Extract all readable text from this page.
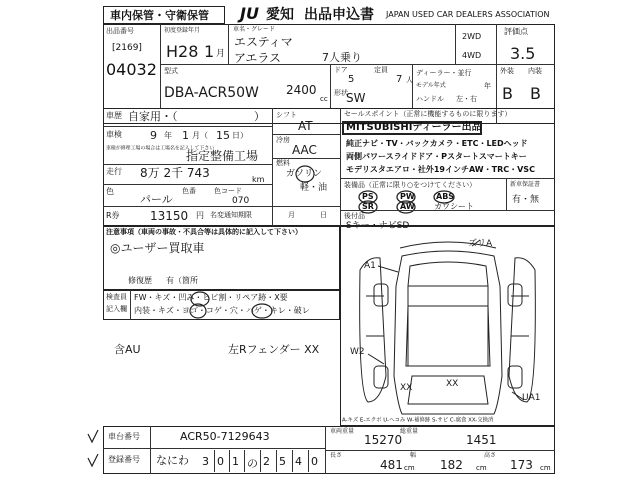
車内保管・守衛保管 JU 愛知 出品申込書 JAPAN USED CAR DEALERS ASSOCIATION
出品番号
[2169]
04032
初度登録年月
H28 1 月
車名・グレード
エスティマ
アエラス	7人乗り
2WD
4WD
評価点
3.5
外装 内装
B B
型式
DBA-ACR50W 2400
cc
ドア
5
定員
7 人
形状
SW
ディーラー・並行
モデル年式	年
ハンドル 左・右
車歴 自家用・（	）
車検	9 年 1 月（ 15 日）
車検が修理工場の場合は工場名を記入して下さい
指定整備工場
走行 8万 2千 743	km
色	色番	色コード
パール	070
R券	13150 円 名変通知期限	月	日
シフト
AT
冷房
AAC
燃料
ガソリン
軽・油
セールスポイント（正常に機能するものに限ります）
MITSUBISHIディーラー出品
純正ナビ・TV・バックカメラ・ETC・LEDヘッド
両側パワースライドドア・Pスタートスマートキー
モデリスタエアロ・社外19インチAW・TRC・VSC
装備品（正常に限り○をつけてください）
PS	PW	ABS
SR	AW カワシート
新車保証書
有・無
後付品
Sキー・ナビSD
注意事項（車両の事故・不具合等は具体的に記入して下さい）
◎ユーザー買取車
修復歴 有（箇所
検査員
記入欄
FW・キズ・凹み・ヒビ割・リペア跡・X要
内装・キズ・ヨゴ・コゲ・穴・ハゲ・キレ・破レ
含AU	左Rフェンダー XX
ズリA
A1
W2
XX	XX
UA1
A-キズ E-エクボ U-ヘコみ W-補修跡 S-サビ C-腐食 XX-交換済
車台番号	ACR50-7129643
登録番号 なにわ 3 0 1 の 2 5 4 0
車両重量	総重量
15270	1451
長さ	幅	高さ
481 cm 182 cm 173 cm
